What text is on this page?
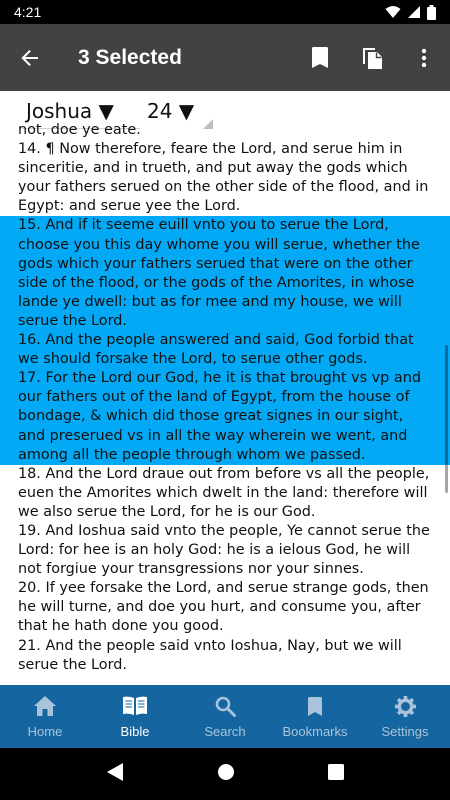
4:21
3 Selected
Joshua ▼	24 ▼
not, doe ye eate.
14. ¶ Now therefore, feare the Lord, and serue him in sinceritie, and in trueth, and put away the gods which your fathers serued on the other side of the flood, and in Egypt: and serue yee the Lord.
15. And if it seeme euill vnto you to serue the Lord, choose you this day whome you will serue, whether the gods which your fathers serued that were on the other side of the flood, or the gods of the Amorites, in whose lande ye dwell: but as for mee and my house, we will serue the Lord.
16. And the people answered and said, God forbid that we should forsake the Lord, to serue other gods.
17. For the Lord our God, he it is that brought vs vp and our fathers out of the land of Egypt, from the house of bondage, & which did those great signes in our sight, and preserued vs in all the way wherein we went, and among all the people through whom we passed.
18. And the Lord draue out from before vs all the people, euen the Amorites which dwelt in the land: therefore will we also serue the Lord, for he is our God.
19. And Ioshua said vnto the people, Ye cannot serue the Lord: for hee is an holy God: he is a ielous God, he will not forgiue your transgressions nor your sinnes.
20. If yee forsake the Lord, and serue strange gods, then he will turne, and doe you hurt, and consume you, after that he hath done you good.
21. And the people said vnto Ioshua, Nay, but we will serue the Lord.
Home	Bible	Search	Bookmarks	Settings
